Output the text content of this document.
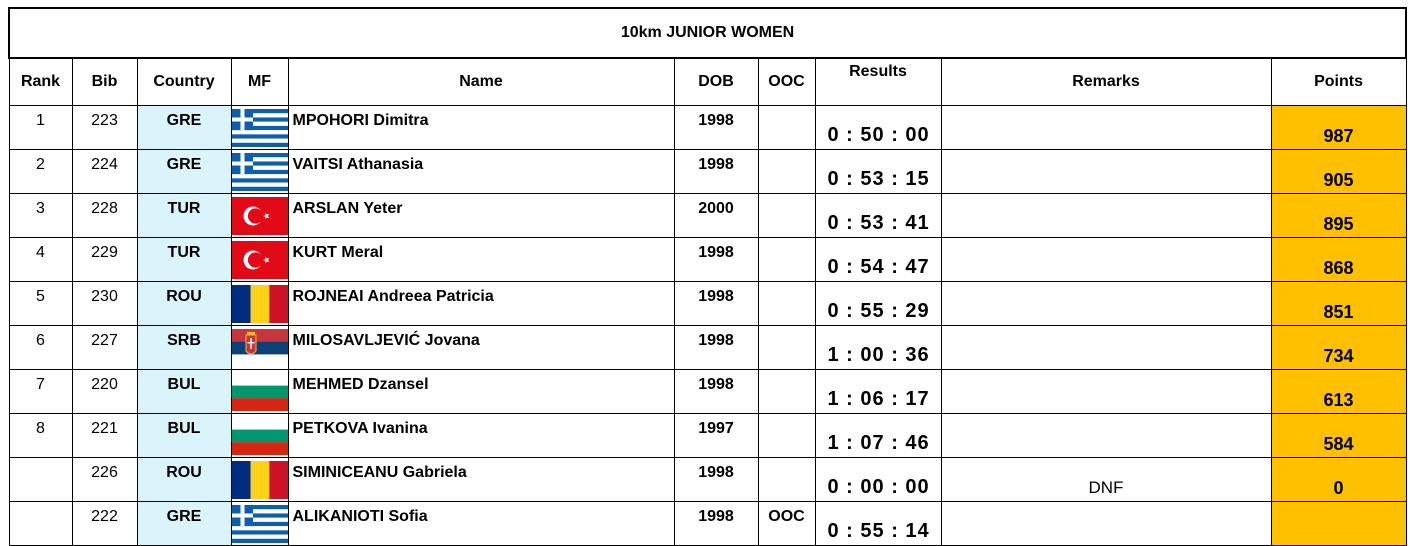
10km JUNIOR WOMEN									
Rank	Bib	Country	MF	Name	DOB	OOC	Results	Remarks	Points
1	223	GRE		MPOHORI Dimitra	1998		0 : 50 : 00		987
2	224	GRE		VAITSI Athanasia	1998		0 : 53 : 15		905
3	228	TUR		ARSLAN Yeter	2000		0 : 53 : 41		895
4	229	TUR		KURT Meral	1998		0 : 54 : 47		868
5	230	ROU		ROJNEAI Andreea Patricia	1998		0 : 55 : 29		851
6	227	SRB		MILOSAVLJEVIĆ Jovana	1998		1 : 00 : 36		734
7	220	BUL		MEHMED Dzansel	1998		1 : 06 : 17		613
8	221	BUL		PETKOVA Ivanina	1997		1 : 07 : 46		584
	226	ROU		SIMINICEANU Gabriela	1998		0 : 00 : 00	DNF	0
	222	GRE		ALIKANIOTI Sofia	1998	OOC	0 : 55 : 14		
